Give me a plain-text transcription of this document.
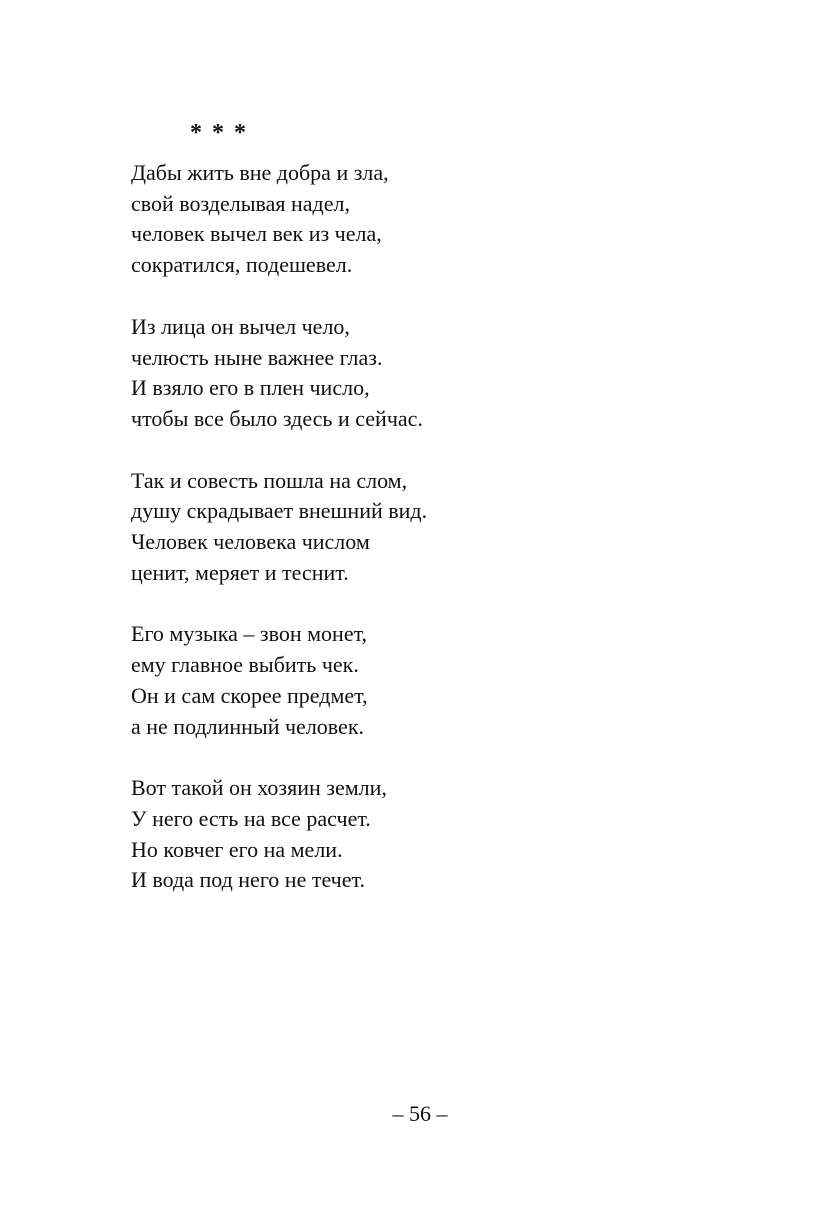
* * *
Дабы жить вне добра и зла,
свой возделывая надел,
человек вычел век из чела,
сократился, подешевел.
Из лица он вычел чело,
челюсть ныне важнее глаз.
И взяло его в плен число,
чтобы все было здесь и сейчас.
Так и совесть пошла на слом,
душу скрадывает внешний вид.
Человек человека числом
ценит, меряет и теснит.
Его музыка – звон монет,
ему главное выбить чек.
Он и сам скорее предмет,
а не подлинный человек.
Вот такой он хозяин земли,
У него есть на все расчет.
Но ковчег его на мели.
И вода под него не течет.
– 56 –
